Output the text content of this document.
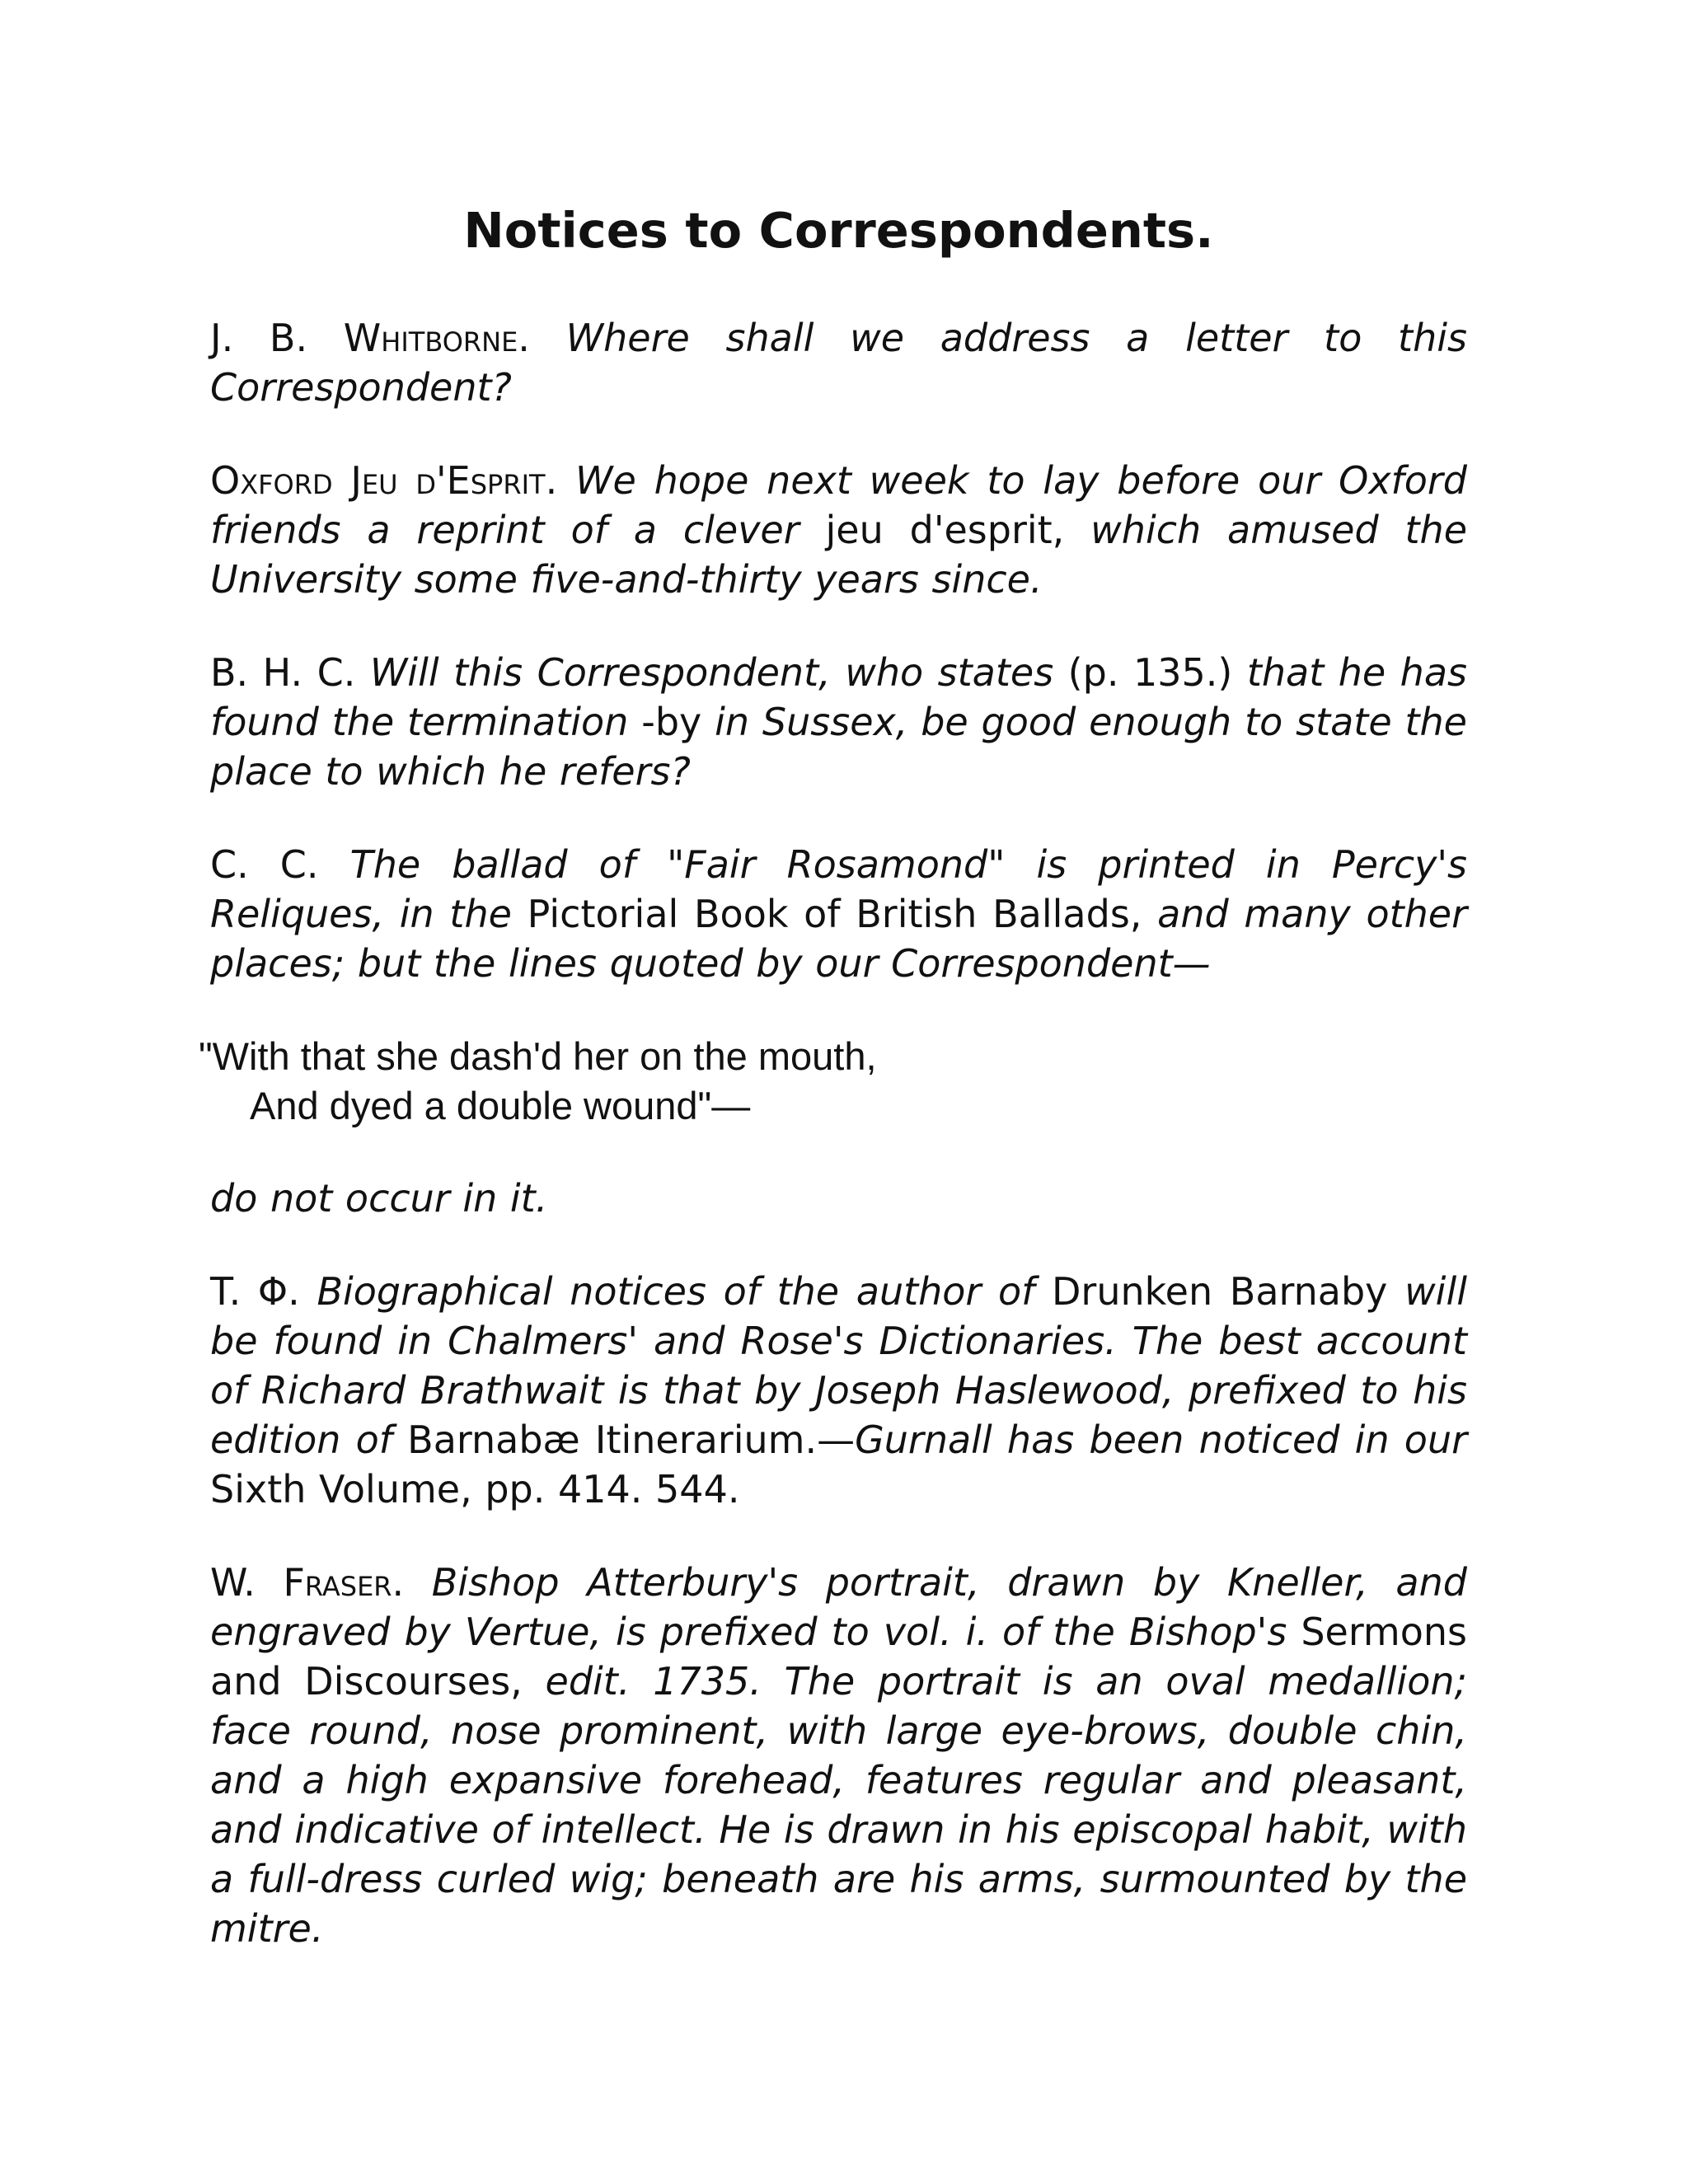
Notices to Correspondents.

J. B. Whitborne. Where shall we address a letter to this Correspondent?

Oxford Jeu d'Esprit. We hope next week to lay before our Oxford friends a reprint of a clever jeu d'esprit, which amused the University some five-and-thirty years since.

B. H. C. Will this Correspondent, who states (p. 135.) that he has found the termination -by in Sussex, be good enough to state the place to which he refers?

C. C. The ballad of "Fair Rosamond" is printed in Percy's Reliques, in the Pictorial Book of British Ballads, and many other places; but the lines quoted by our Correspondent—

"With that she dash'd her on the mouth,
And dyed a double wound"—

do not occur in it.

T. Φ. Biographical notices of the author of Drunken Barnaby will be found in Chalmers' and Rose's Dictionaries. The best account of Richard Brathwait is that by Joseph Haslewood, prefixed to his edition of Barnabæ Itinerarium.—Gurnall has been noticed in our Sixth Volume, pp. 414. 544.

W. Fraser. Bishop Atterbury's portrait, drawn by Kneller, and engraved by Vertue, is prefixed to vol. i. of the Bishop's Sermons and Discourses, edit. 1735. The portrait is an oval medallion; face round, nose prominent, with large eye-brows, double chin, and a high expansive forehead, features regular and pleasant, and indicative of intellect. He is drawn in his episcopal habit, with a full-dress curled wig; beneath are his arms, surmounted by the mitre.
